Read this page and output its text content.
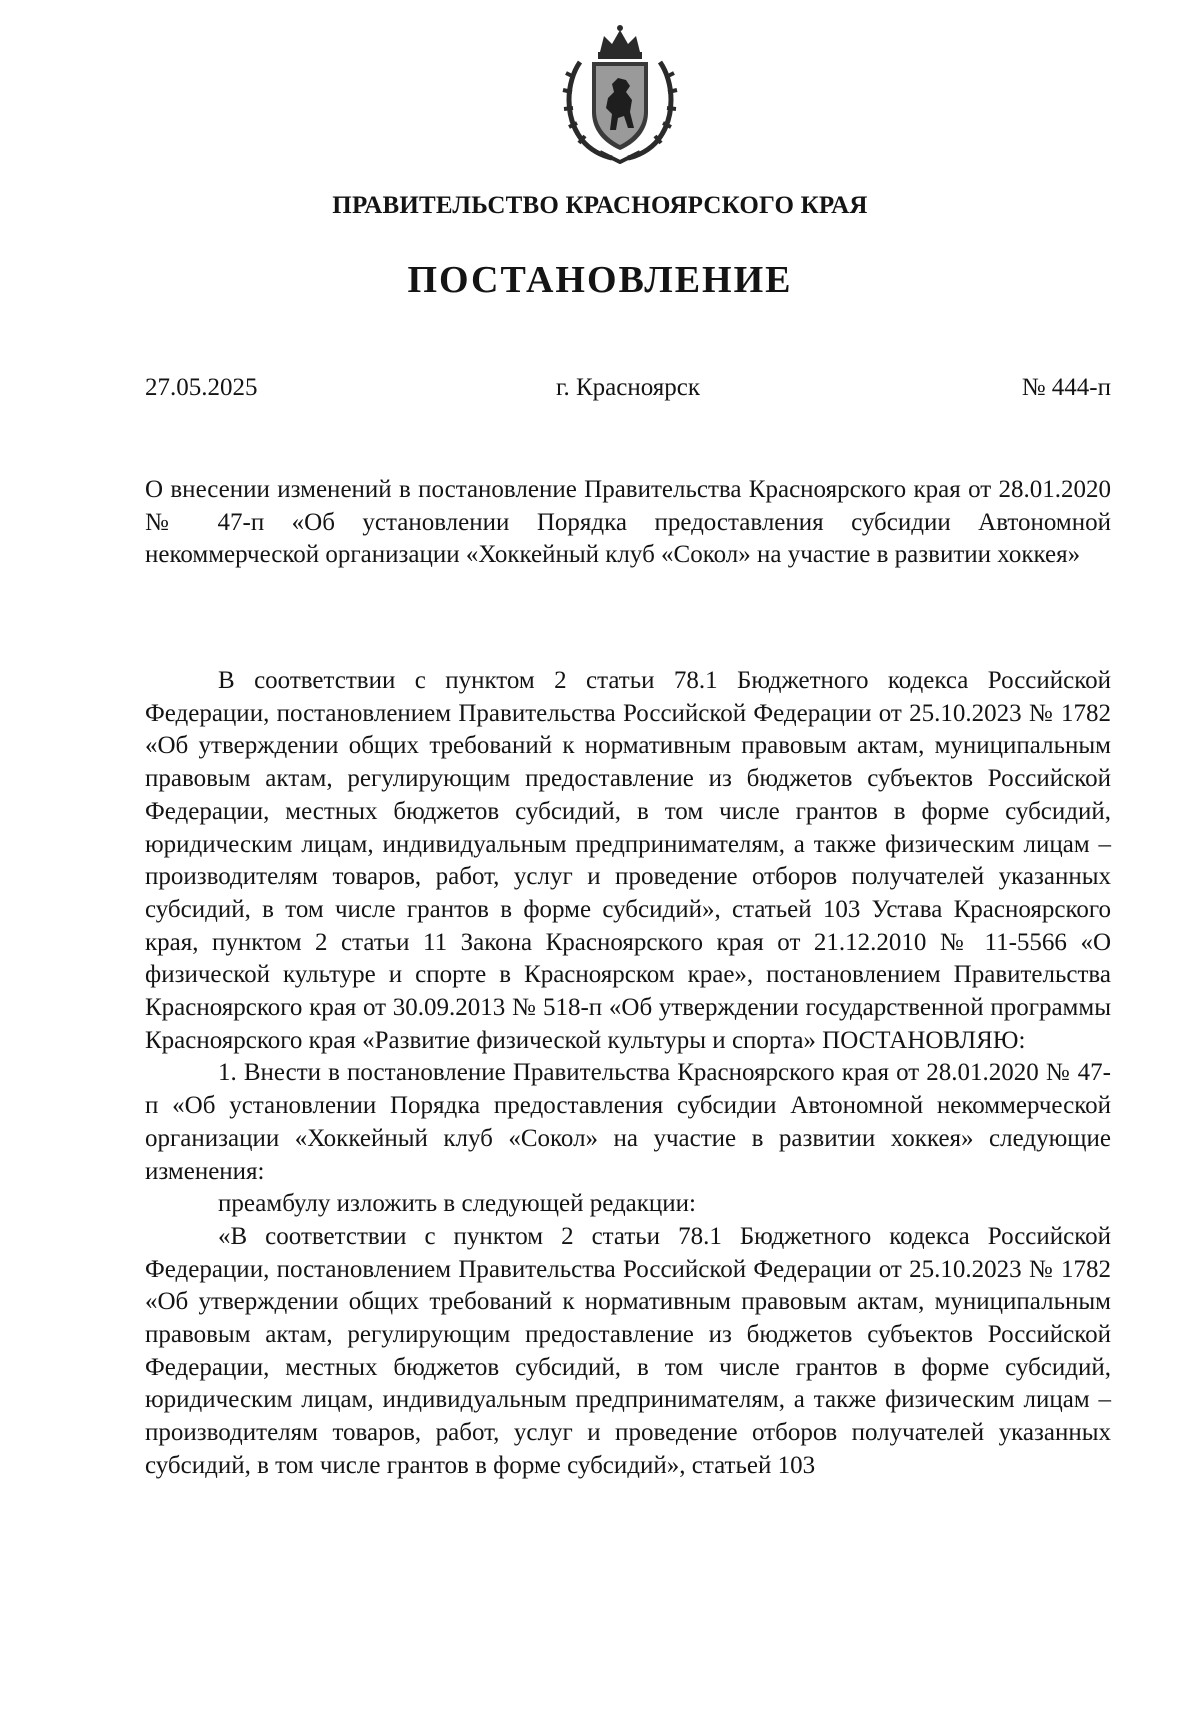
ПРАВИТЕЛЬСТВО КРАСНОЯРСКОГО КРАЯ
ПОСТАНОВЛЕНИЕ
27.05.2025	г. Красноярск	№ 444-п
О внесении изменений в постановление Правительства Красноярского края от 28.01.2020 № 47-п «Об установлении Порядка предоставления субсидии Автономной некоммерческой организации «Хоккейный клуб «Сокол» на участие в развитии хоккея»

В соответствии с пунктом 2 статьи 78.1 Бюджетного кодекса Российской Федерации, постановлением Правительства Российской Федерации от 25.10.2023 № 1782 «Об утверждении общих требований к нормативным правовым актам, муниципальным правовым актам, регулирующим предоставление из бюджетов субъектов Российской Федерации, местных бюджетов субсидий, в том числе грантов в форме субсидий, юридическим лицам, индивидуальным предпринимателям, а также физическим лицам – производителям товаров, работ, услуг и проведение отборов получателей указанных субсидий, в том числе грантов в форме субсидий», статьей 103 Устава Красноярского края, пунктом 2 статьи 11 Закона Красноярского края от 21.12.2010 № 11-5566 «О физической культуре и спорте в Красноярском крае», постановлением Правительства Красноярского края от 30.09.2013 № 518-п «Об утверждении государственной программы Красноярского края «Развитие физической культуры и спорта» ПОСТАНОВЛЯЮ:

1. Внести в постановление Правительства Красноярского края от 28.01.2020 № 47-п «Об установлении Порядка предоставления субсидии Автономной некоммерческой организации «Хоккейный клуб «Сокол» на участие в развитии хоккея» следующие изменения:

преамбулу изложить в следующей редакции:

«В соответствии с пунктом 2 статьи 78.1 Бюджетного кодекса Российской Федерации, постановлением Правительства Российской Федерации от 25.10.2023 № 1782 «Об утверждении общих требований к нормативным правовым актам, муниципальным правовым актам, регулирующим предоставление из бюджетов субъектов Российской Федерации, местных бюджетов субсидий, в том числе грантов в форме субсидий, юридическим лицам, индивидуальным предпринимателям, а также физическим лицам – производителям товаров, работ, услуг и проведение отборов получателей указанных субсидий, в том числе грантов в форме субсидий», статьей 103
